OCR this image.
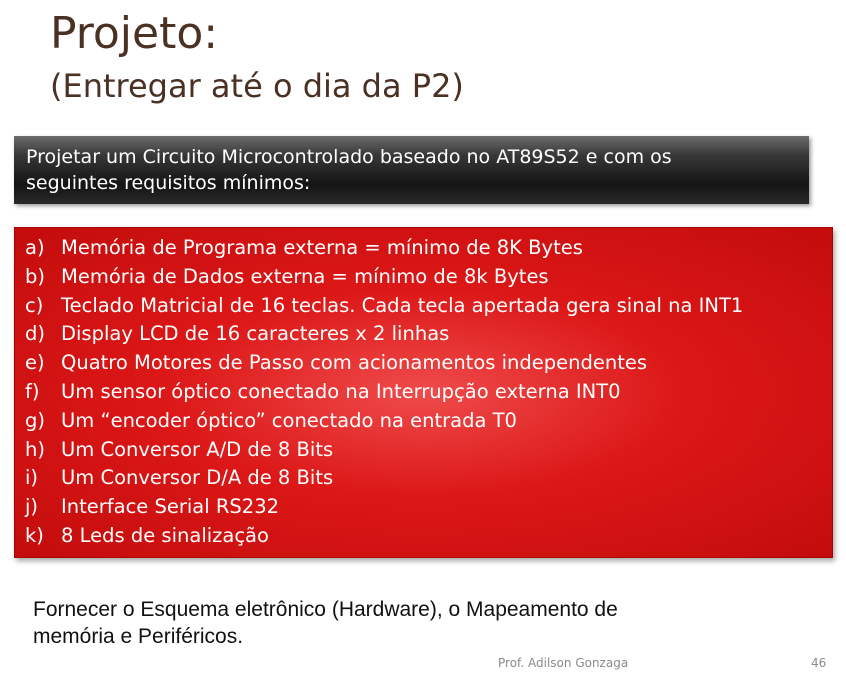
Projeto:
(Entregar até o dia da P2)
Projetar um Circuito Microcontrolado baseado no AT89S52 e com os
seguintes requisitos mínimos:
a) Memória de Programa externa = mínimo de 8K Bytes
b) Memória de Dados externa = mínimo de 8k Bytes
c) Teclado Matricial de 16 teclas. Cada tecla apertada gera sinal na INT1
d) Display LCD de 16 caracteres x 2 linhas
e) Quatro Motores de Passo com acionamentos independentes
f)	Um sensor óptico conectado na Interrupção externa INT0
g) Um “encoder óptico” conectado na entrada T0
h) Um Conversor A/D de 8 Bits
i)	Um Conversor D/A de 8 Bits
j)	Interface Serial RS232
k) 8 Leds de sinalização

Fornecer o Esquema eletrônico (Hardware), o Mapeamento de
memória e Periféricos.

Prof. Adilson Gonzaga	46
